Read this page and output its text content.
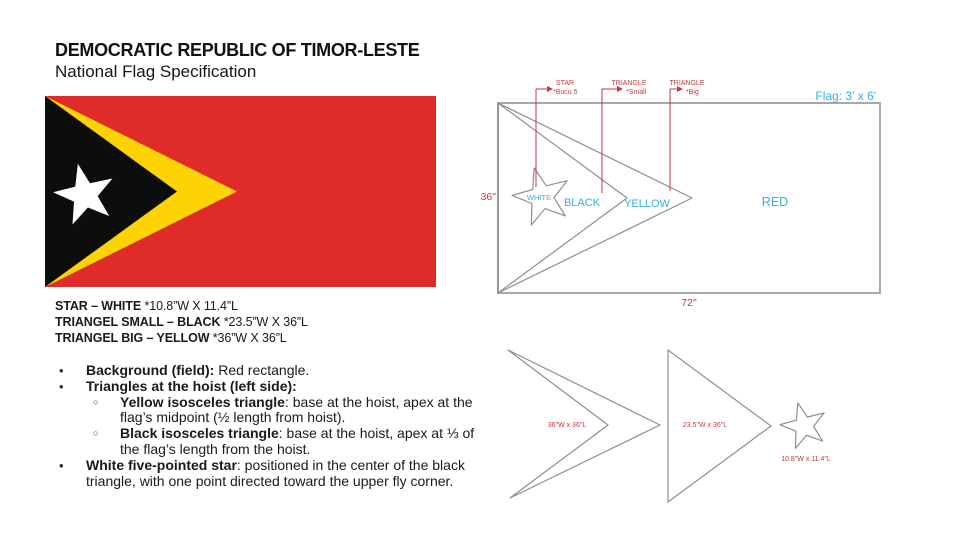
DEMOCRATIC REPUBLIC OF TIMOR-LESTE
National Flag Specification
STAR – WHITE *10.8”W X 11.4”L
TRIANGEL SMALL – BLACK *23.5”W X 36”L
TRIANGEL BIG – YELLOW *36”W X 36”L
•	Background (field): Red rectangle.
•	Triangles at the hoist (left side):
○	Yellow isosceles triangle: base at the hoist, apex at the flag’s midpoint (½ length from hoist).
○	Black isosceles triangle: base at the hoist, apex at ⅓ of the flag’s length from the hoist.
•	White five-pointed star: positioned in the center of the black triangle, with one point directed toward the upper fly corner.
STAR
*Bucu 5
TRIANGLE
*Small
TRIANGLE
*Big	Flag: 3' x 6'
36"
72"
WHITE BLACK YELLOW	RED
36"W x 36"L	23.5"W x 36"L
10.8"W x 11.4"L
